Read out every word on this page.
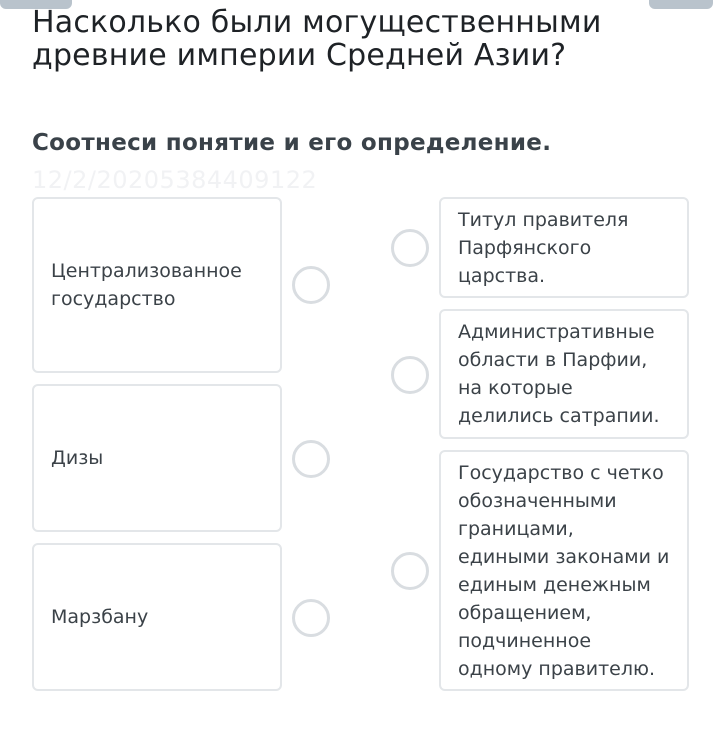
Насколько были могущественными древние империи Средней Азии?
Соотнеси понятие и его определение.
12/2/20205384409122
Централизованное государство
Дизы
Марзбану
Титул правителя Парфянского царства.
Административные области в Парфии, на которые делились сатрапии.
Государство с четко обозначенными границами, едиными законами и единым денежным обращением, подчиненное одному правителю.
